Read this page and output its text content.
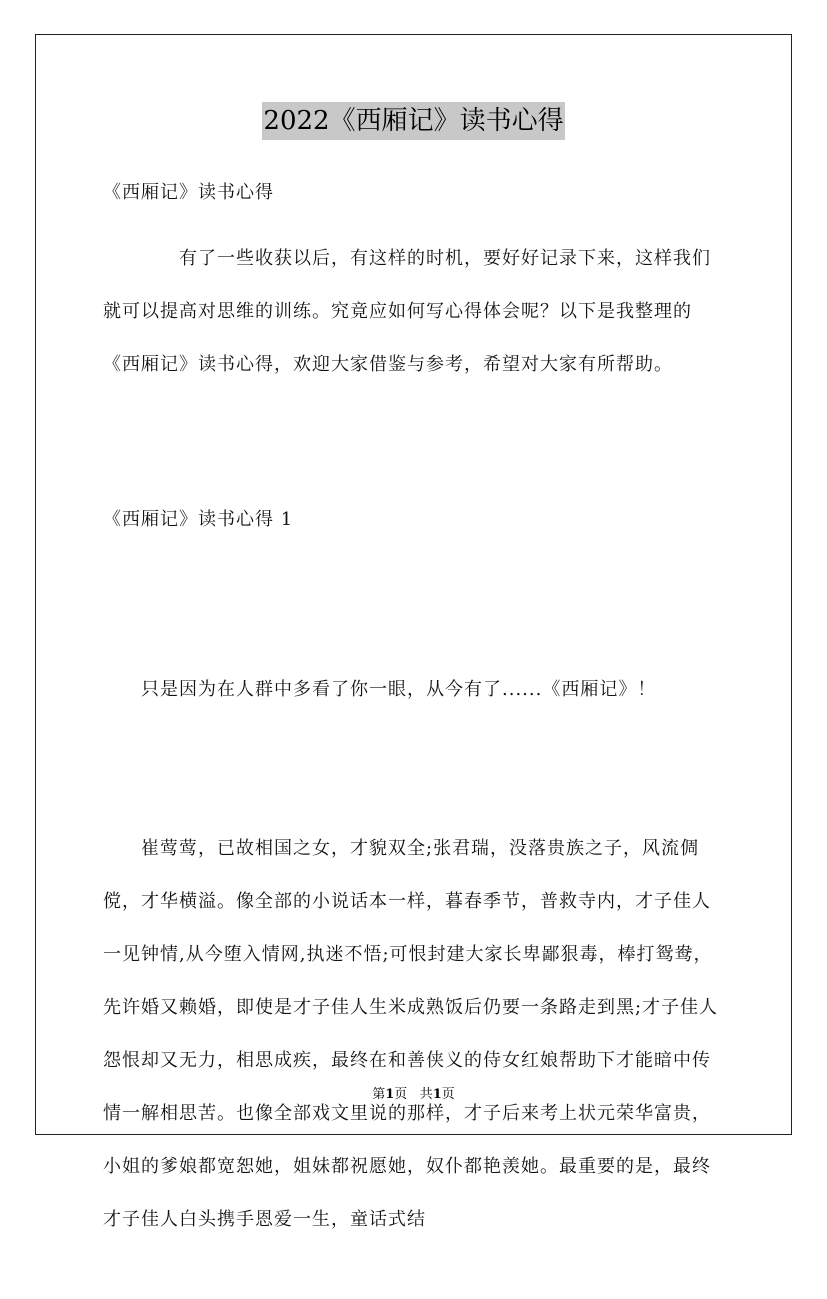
2022《西厢记》读书心得
《西厢记》读书心得
　　　　有了一些收获以后，有这样的时机，要好好记录下来，这样我们就可以提高对思维的训练。究竟应如何写心得体会呢？以下是我整理的《西厢记》读书心得，欢迎大家借鉴与参考，希望对大家有所帮助。
《西厢记》读书心得 1

　　只是因为在人群中多看了你一眼，从今有了......《西厢记》！

　　崔莺莺，已故相国之女，才貌双全;张君瑞，没落贵族之子，风流倜傥，才华横溢。像全部的小说话本一样，暮春季节，普救寺内，才子佳人一见钟情,从今堕入情网,执迷不悟;可恨封建大家长卑鄙狠毒，棒打鸳鸯，先许婚又赖婚，即使是才子佳人生米成熟饭后仍要一条路走到黑;才子佳人怨恨却又无力，相思成疾，最终在和善侠义的侍女红娘帮助下才能暗中传情一解相思苦。也像全部戏文里说的那样，才子后来考上状元荣华富贵，小姐的爹娘都宽恕她，姐妹都祝愿她，奴仆都艳羡她。最重要的是，最终才子佳人白头携手恩爱一生，童话式结

第1页 共1页
